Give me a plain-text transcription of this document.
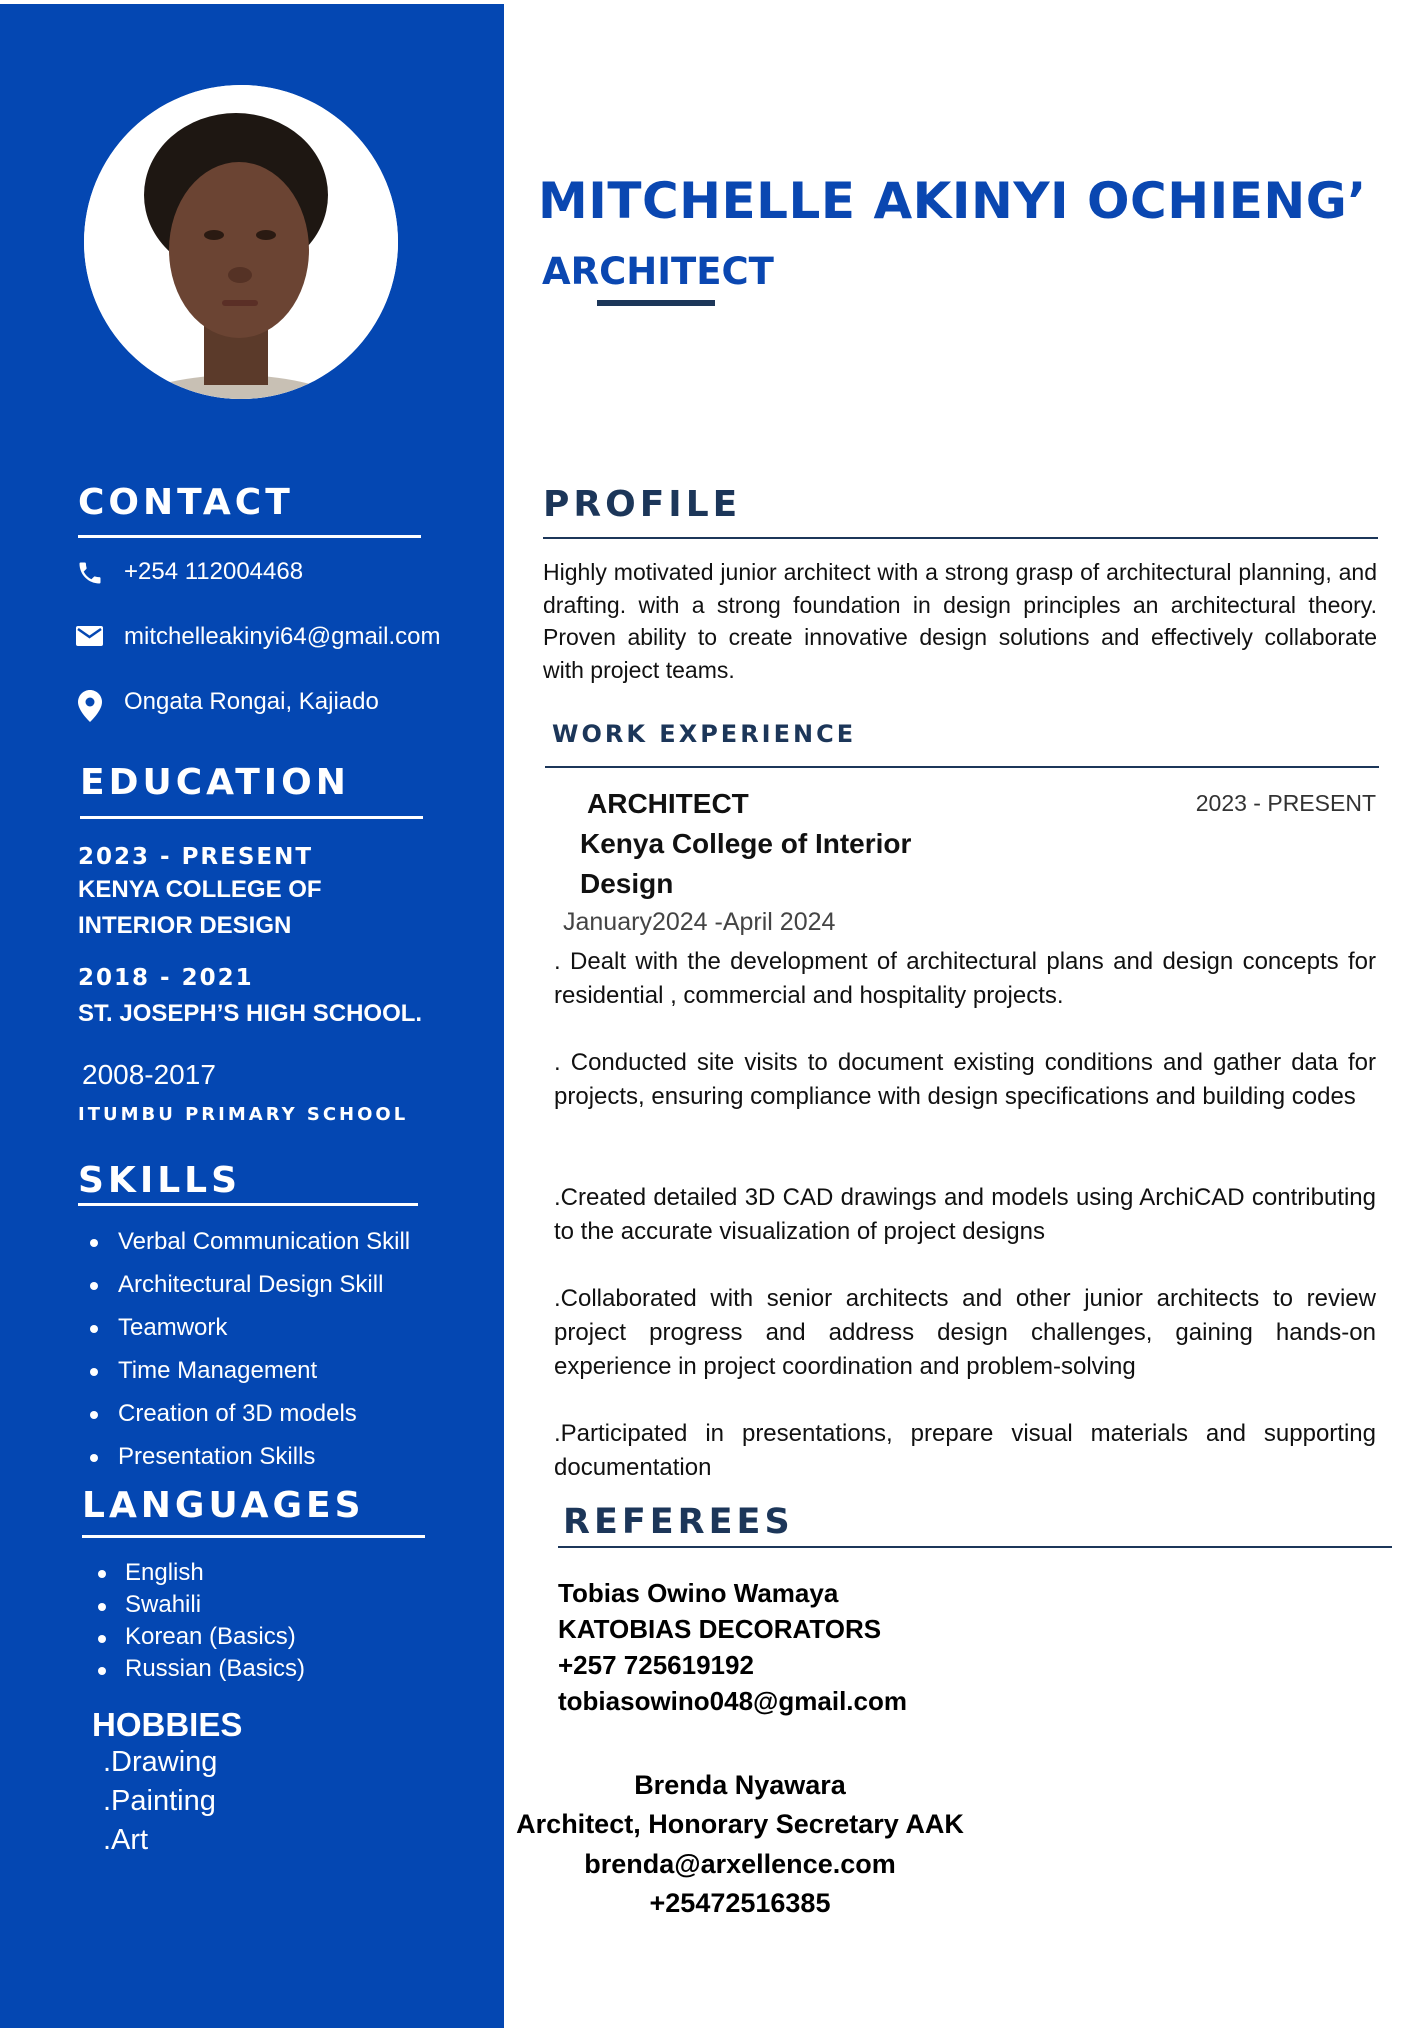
CONTACT
+254 112004468
mitchelleakinyi64@gmail.com
Ongata Rongai, Kajiado
EDUCATION
2023 - PRESENT
KENYA COLLEGE OF
INTERIOR DESIGN
2018 - 2021
ST. JOSEPH’S HIGH SCHOOL.
2008-2017
ITUMBU PRIMARY SCHOOL
SKILLS
Verbal Communication Skill
Architectural Design Skill
Teamwork
Time Management
Creation of 3D models
Presentation Skills
LANGUAGES
English
Swahili
Korean (Basics)
Russian (Basics)
HOBBIES
.Drawing
.Painting
.Art
MITCHELLE AKINYI OCHIENG’
ARCHITECT
PROFILE
Highly motivated junior architect with a strong grasp of architectural planning, and drafting. with a strong foundation in design principles an architectural theory. Proven ability to create innovative design solutions and effectively collaborate with project teams.
WORK EXPERIENCE
ARCHITECT	2023 - PRESENT
Kenya College of Interior
Design
January2024 -April 2024
. Dealt with the development of architectural plans and design concepts for residential , commercial and hospitality projects.
. Conducted site visits to document existing conditions and gather data for projects, ensuring compliance with design specifications and building codes
.Created detailed 3D CAD drawings and models using ArchiCAD contributing to the accurate visualization of project designs
.Collaborated with senior architects and other junior architects to review project progress and address design challenges, gaining hands-on experience in project coordination and problem-solving
.Participated in presentations, prepare visual materials and supporting documentation
REFEREES
Tobias Owino Wamaya
KATOBIAS DECORATORS
+257 725619192
tobiasowino048@gmail.com
Brenda Nyawara
Architect, Honorary Secretary AAK
brenda@arxellence.com
+25472516385
